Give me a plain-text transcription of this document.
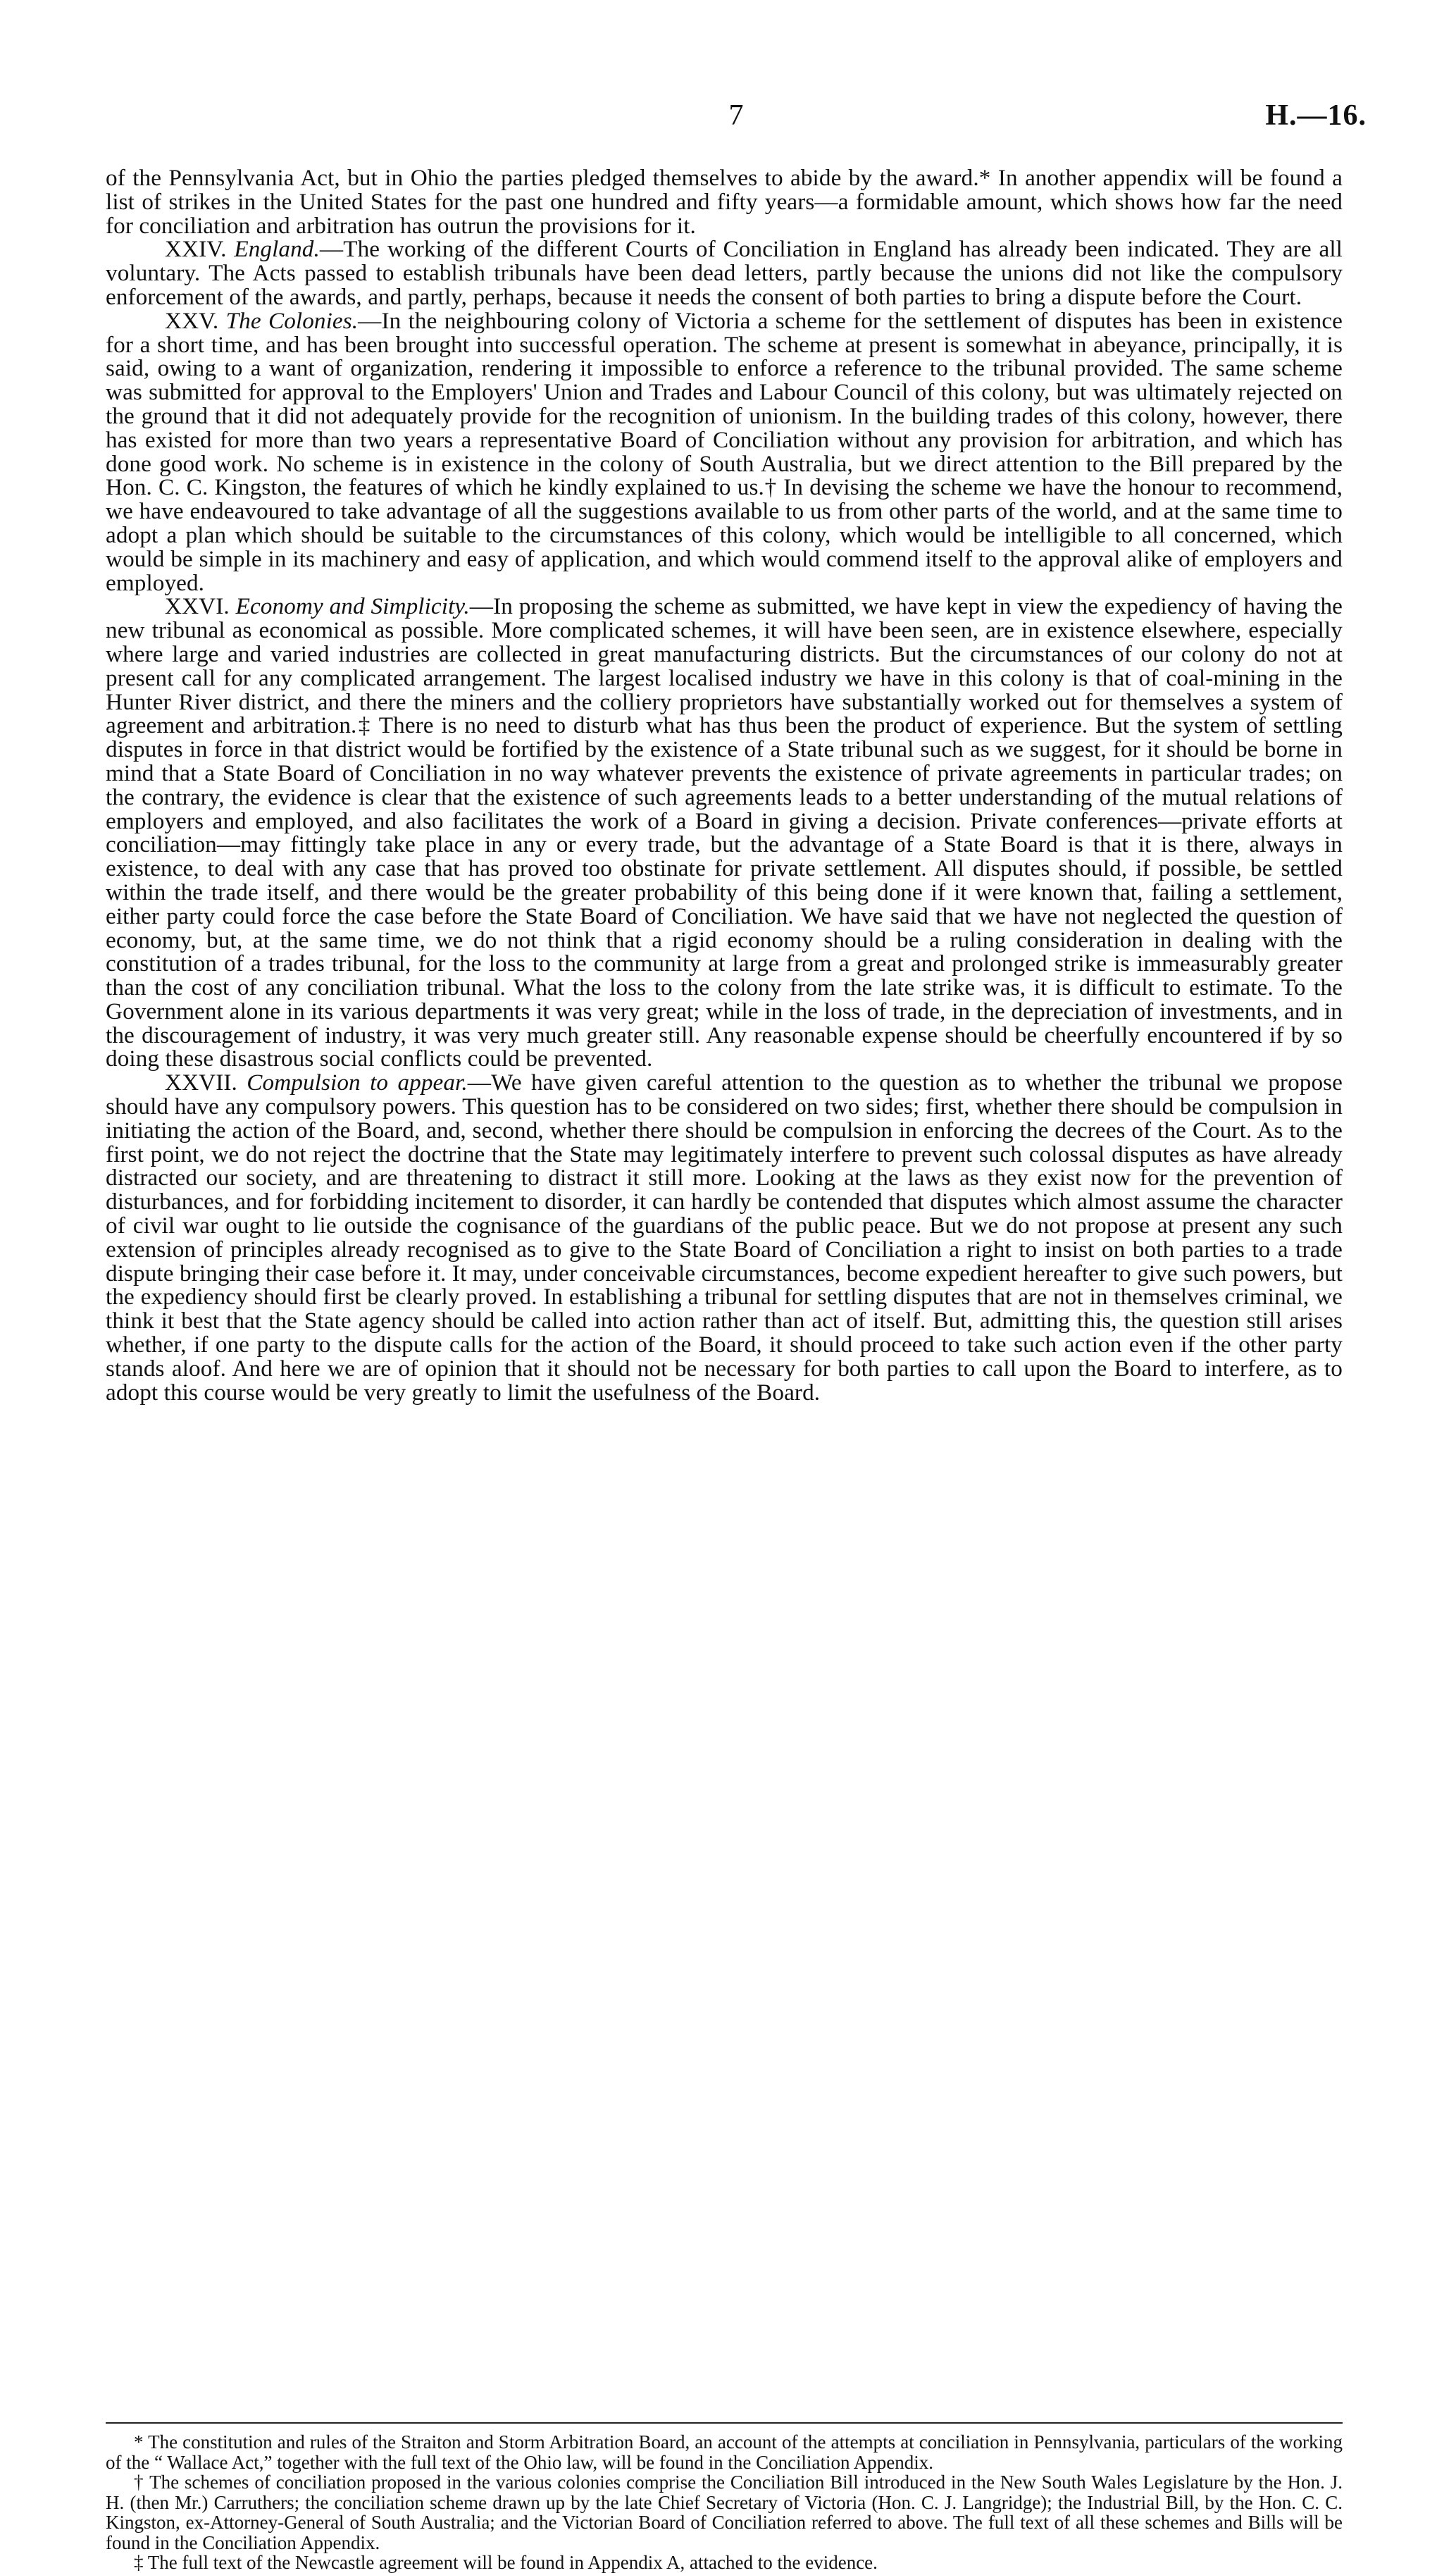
7	H.—16.

of the Pennsylvania Act, but in Ohio the parties pledged themselves to abide by the award.* In another appendix will be found a list of strikes in the United States for the past one hundred and fifty years—a formidable amount, which shows how far the need for conciliation and arbitration has outrun the provisions for it.

XXIV. England.—The working of the different Courts of Conciliation in England has already been indicated. They are all voluntary. The Acts passed to establish tribunals have been dead letters, partly because the unions did not like the compulsory enforcement of the awards, and partly, perhaps, because it needs the consent of both parties to bring a dispute before the Court.

XXV. The Colonies.—In the neighbouring colony of Victoria a scheme for the settlement of disputes has been in existence for a short time, and has been brought into successful operation. The scheme at present is somewhat in abeyance, principally, it is said, owing to a want of organization, rendering it impossible to enforce a reference to the tribunal provided. The same scheme was submitted for approval to the Employers' Union and Trades and Labour Council of this colony, but was ultimately rejected on the ground that it did not adequately provide for the recognition of unionism. In the building trades of this colony, however, there has existed for more than two years a representative Board of Conciliation without any provision for arbitration, and which has done good work. No scheme is in existence in the colony of South Australia, but we direct attention to the Bill prepared by the Hon. C. C. Kingston, the features of which he kindly explained to us.† In devising the scheme we have the honour to recommend, we have endeavoured to take advantage of all the suggestions available to us from other parts of the world, and at the same time to adopt a plan which should be suitable to the circumstances of this colony, which would be intelligible to all concerned, which would be simple in its machinery and easy of application, and which would commend itself to the approval alike of employers and employed.

XXVI. Economy and Simplicity.—In proposing the scheme as submitted, we have kept in view the expediency of having the new tribunal as economical as possible. More complicated schemes, it will have been seen, are in existence elsewhere, especially where large and varied industries are collected in great manufacturing districts. But the circumstances of our colony do not at present call for any complicated arrangement. The largest localised industry we have in this colony is that of coal-mining in the Hunter River district, and there the miners and the colliery proprietors have substantially worked out for themselves a system of agreement and arbitration.‡ There is no need to disturb what has thus been the product of experience. But the system of settling disputes in force in that district would be fortified by the existence of a State tribunal such as we suggest, for it should be borne in mind that a State Board of Conciliation in no way whatever prevents the existence of private agreements in particular trades; on the contrary, the evidence is clear that the existence of such agreements leads to a better understanding of the mutual relations of employers and employed, and also facilitates the work of a Board in giving a decision. Private conferences—private efforts at conciliation—may fittingly take place in any or every trade, but the advantage of a State Board is that it is there, always in existence, to deal with any case that has proved too obstinate for private settlement. All disputes should, if possible, be settled within the trade itself, and there would be the greater probability of this being done if it were known that, failing a settlement, either party could force the case before the State Board of Conciliation. We have said that we have not neglected the question of economy, but, at the same time, we do not think that a rigid economy should be a ruling consideration in dealing with the constitution of a trades tribunal, for the loss to the community at large from a great and prolonged strike is immeasurably greater than the cost of any conciliation tribunal. What the loss to the colony from the late strike was, it is difficult to estimate. To the Government alone in its various departments it was very great; while in the loss of trade, in the depreciation of investments, and in the discouragement of industry, it was very much greater still. Any reasonable expense should be cheerfully encountered if by so doing these disastrous social conflicts could be prevented.

XXVII. Compulsion to appear.—We have given careful attention to the question as to whether the tribunal we propose should have any compulsory powers. This question has to be considered on two sides; first, whether there should be compulsion in initiating the action of the Board, and, second, whether there should be compulsion in enforcing the decrees of the Court. As to the first point, we do not reject the doctrine that the State may legitimately interfere to prevent such colossal disputes as have already distracted our society, and are threatening to distract it still more. Looking at the laws as they exist now for the prevention of disturbances, and for forbidding incitement to disorder, it can hardly be contended that disputes which almost assume the character of civil war ought to lie outside the cognisance of the guardians of the public peace. But we do not propose at present any such extension of principles already recognised as to give to the State Board of Conciliation a right to insist on both parties to a trade dispute bringing their case before it. It may, under conceivable circumstances, become expedient hereafter to give such powers, but the expediency should first be clearly proved. In establishing a tribunal for settling disputes that are not in themselves criminal, we think it best that the State agency should be called into action rather than act of itself. But, admitting this, the question still arises whether, if one party to the dispute calls for the action of the Board, it should proceed to take such action even if the other party stands aloof. And here we are of opinion that it should not be necessary for both parties to call upon the Board to interfere, as to adopt this course would be very greatly to limit the usefulness of the Board.

* The constitution and rules of the Straiton and Storm Arbitration Board, an account of the attempts at conciliation in Pennsylvania, particulars of the working of the “ Wallace Act,” together with the full text of the Ohio law, will be found in the Conciliation Appendix.

† The schemes of conciliation proposed in the various colonies comprise the Conciliation Bill introduced in the New South Wales Legislature by the Hon. J. H. (then Mr.) Carruthers; the conciliation scheme drawn up by the late Chief Secretary of Victoria (Hon. C. J. Langridge); the Industrial Bill, by the Hon. C. C. Kingston, ex-Attorney-General of South Australia; and the Victorian Board of Conciliation referred to above. The full text of all these schemes and Bills will be found in the Conciliation Appendix.

‡ The full text of the Newcastle agreement will be found in Appendix A, attached to the evidence.
